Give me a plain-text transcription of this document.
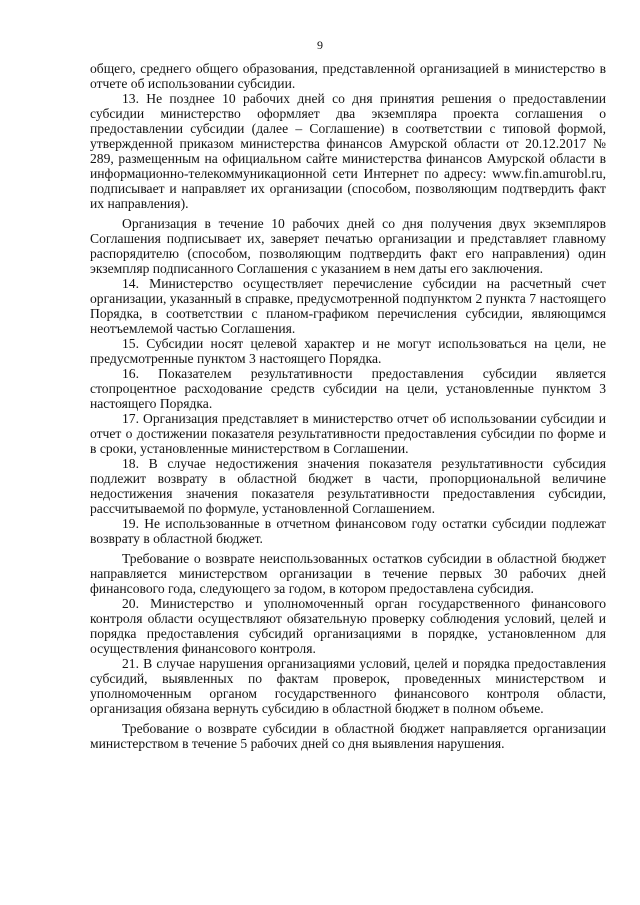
9

общего, среднего общего образования, представленной организацией в министерство в отчете об использовании субсидии.

13. Не позднее 10 рабочих дней со дня принятия решения о предоставлении субсидии министерство оформляет два экземпляра проекта соглашения о предоставлении субсидии (далее – Соглашение) в соответствии с типовой формой, утвержденной приказом министерства финансов Амурской области от 20.12.2017 № 289, размещенным на официальном сайте министерства финансов Амурской области в информационно-телекоммуникационной сети Интернет по адресу: www.fin.amurobl.ru, подписывает и направляет их организации (способом, позволяющим подтвердить факт их направления).

Организация в течение 10 рабочих дней со дня получения двух экземпляров Соглашения подписывает их, заверяет печатью организации и представляет главному распорядителю (способом, позволяющим подтвердить факт его направления) один экземпляр подписанного Соглашения с указанием в нем даты его заключения.

14. Министерство осуществляет перечисление субсидии на расчетный счет организации, указанный в справке, предусмотренной подпунктом 2 пункта 7 настоящего Порядка, в соответствии с планом-графиком перечисления субсидии, являющимся неотъемлемой частью Соглашения.

15. Субсидии носят целевой характер и не могут использоваться на цели, не предусмотренные пунктом 3 настоящего Порядка.

16. Показателем результативности предоставления субсидии является стопроцентное расходование средств субсидии на цели, установленные пунктом 3 настоящего Порядка.

17. Организация представляет в министерство отчет об использовании субсидии и отчет о достижении показателя результативности предоставления субсидии по форме и в сроки, установленные министерством в Соглашении.

18. В случае недостижения значения показателя результативности субсидия подлежит возврату в областной бюджет в части, пропорциональной величине недостижения значения показателя результативности предоставления субсидии, рассчитываемой по формуле, установленной Соглашением.

19. Не использованные в отчетном финансовом году остатки субсидии подлежат возврату в областной бюджет.

Требование о возврате неиспользованных остатков субсидии в областной бюджет направляется министерством организации в течение первых 30 рабочих дней финансового года, следующего за годом, в котором предоставлена субсидия.

20. Министерство и уполномоченный орган государственного финансового контроля области осуществляют обязательную проверку соблюдения условий, целей и порядка предоставления субсидий организациями в порядке, установленном для осуществления финансового контроля.

21. В случае нарушения организациями условий, целей и порядка предоставления субсидий, выявленных по фактам проверок, проведенных министерством и уполномоченным органом государственного финансового контроля области, организация обязана вернуть субсидию в областной бюджет в полном объеме.

Требование о возврате субсидии в областной бюджет направляется организации министерством в течение 5 рабочих дней со дня выявления нарушения.
